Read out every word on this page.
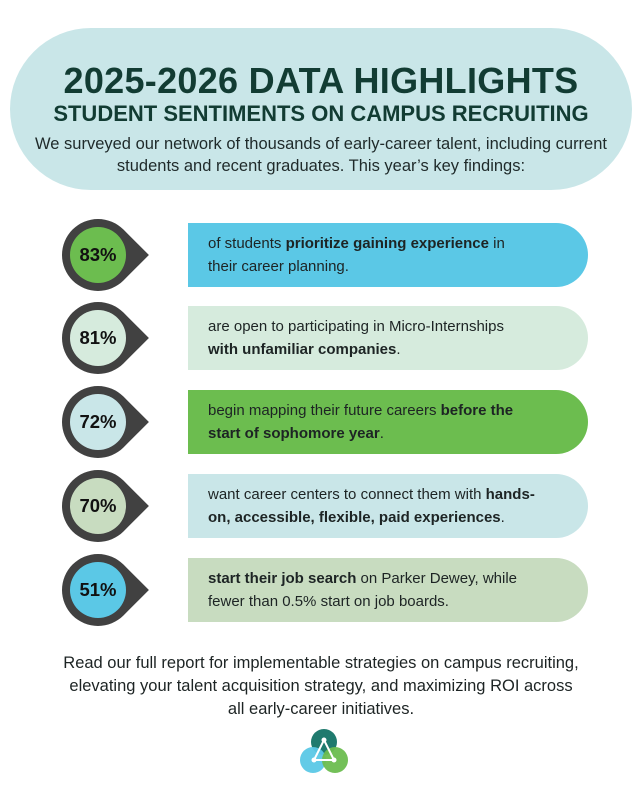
2025-2026 DATA HIGHLIGHTS
STUDENT SENTIMENTS ON CAMPUS RECRUITING
We surveyed our network of thousands of early-career talent, including current students and recent graduates. This year’s key findings:
83%
of students prioritize gaining experience in
their career planning.
81%
are open to participating in Micro-Internships
with unfamiliar companies.
72%
begin mapping their future careers before the
start of sophomore year.
70%
want career centers to connect them with hands-
on, accessible, flexible, paid experiences.
51%
start their job search on Parker Dewey, while
fewer than 0.5% start on job boards.
Read our full report for implementable strategies on campus recruiting, elevating your talent acquisition strategy, and maximizing ROI across all early-career initiatives.
